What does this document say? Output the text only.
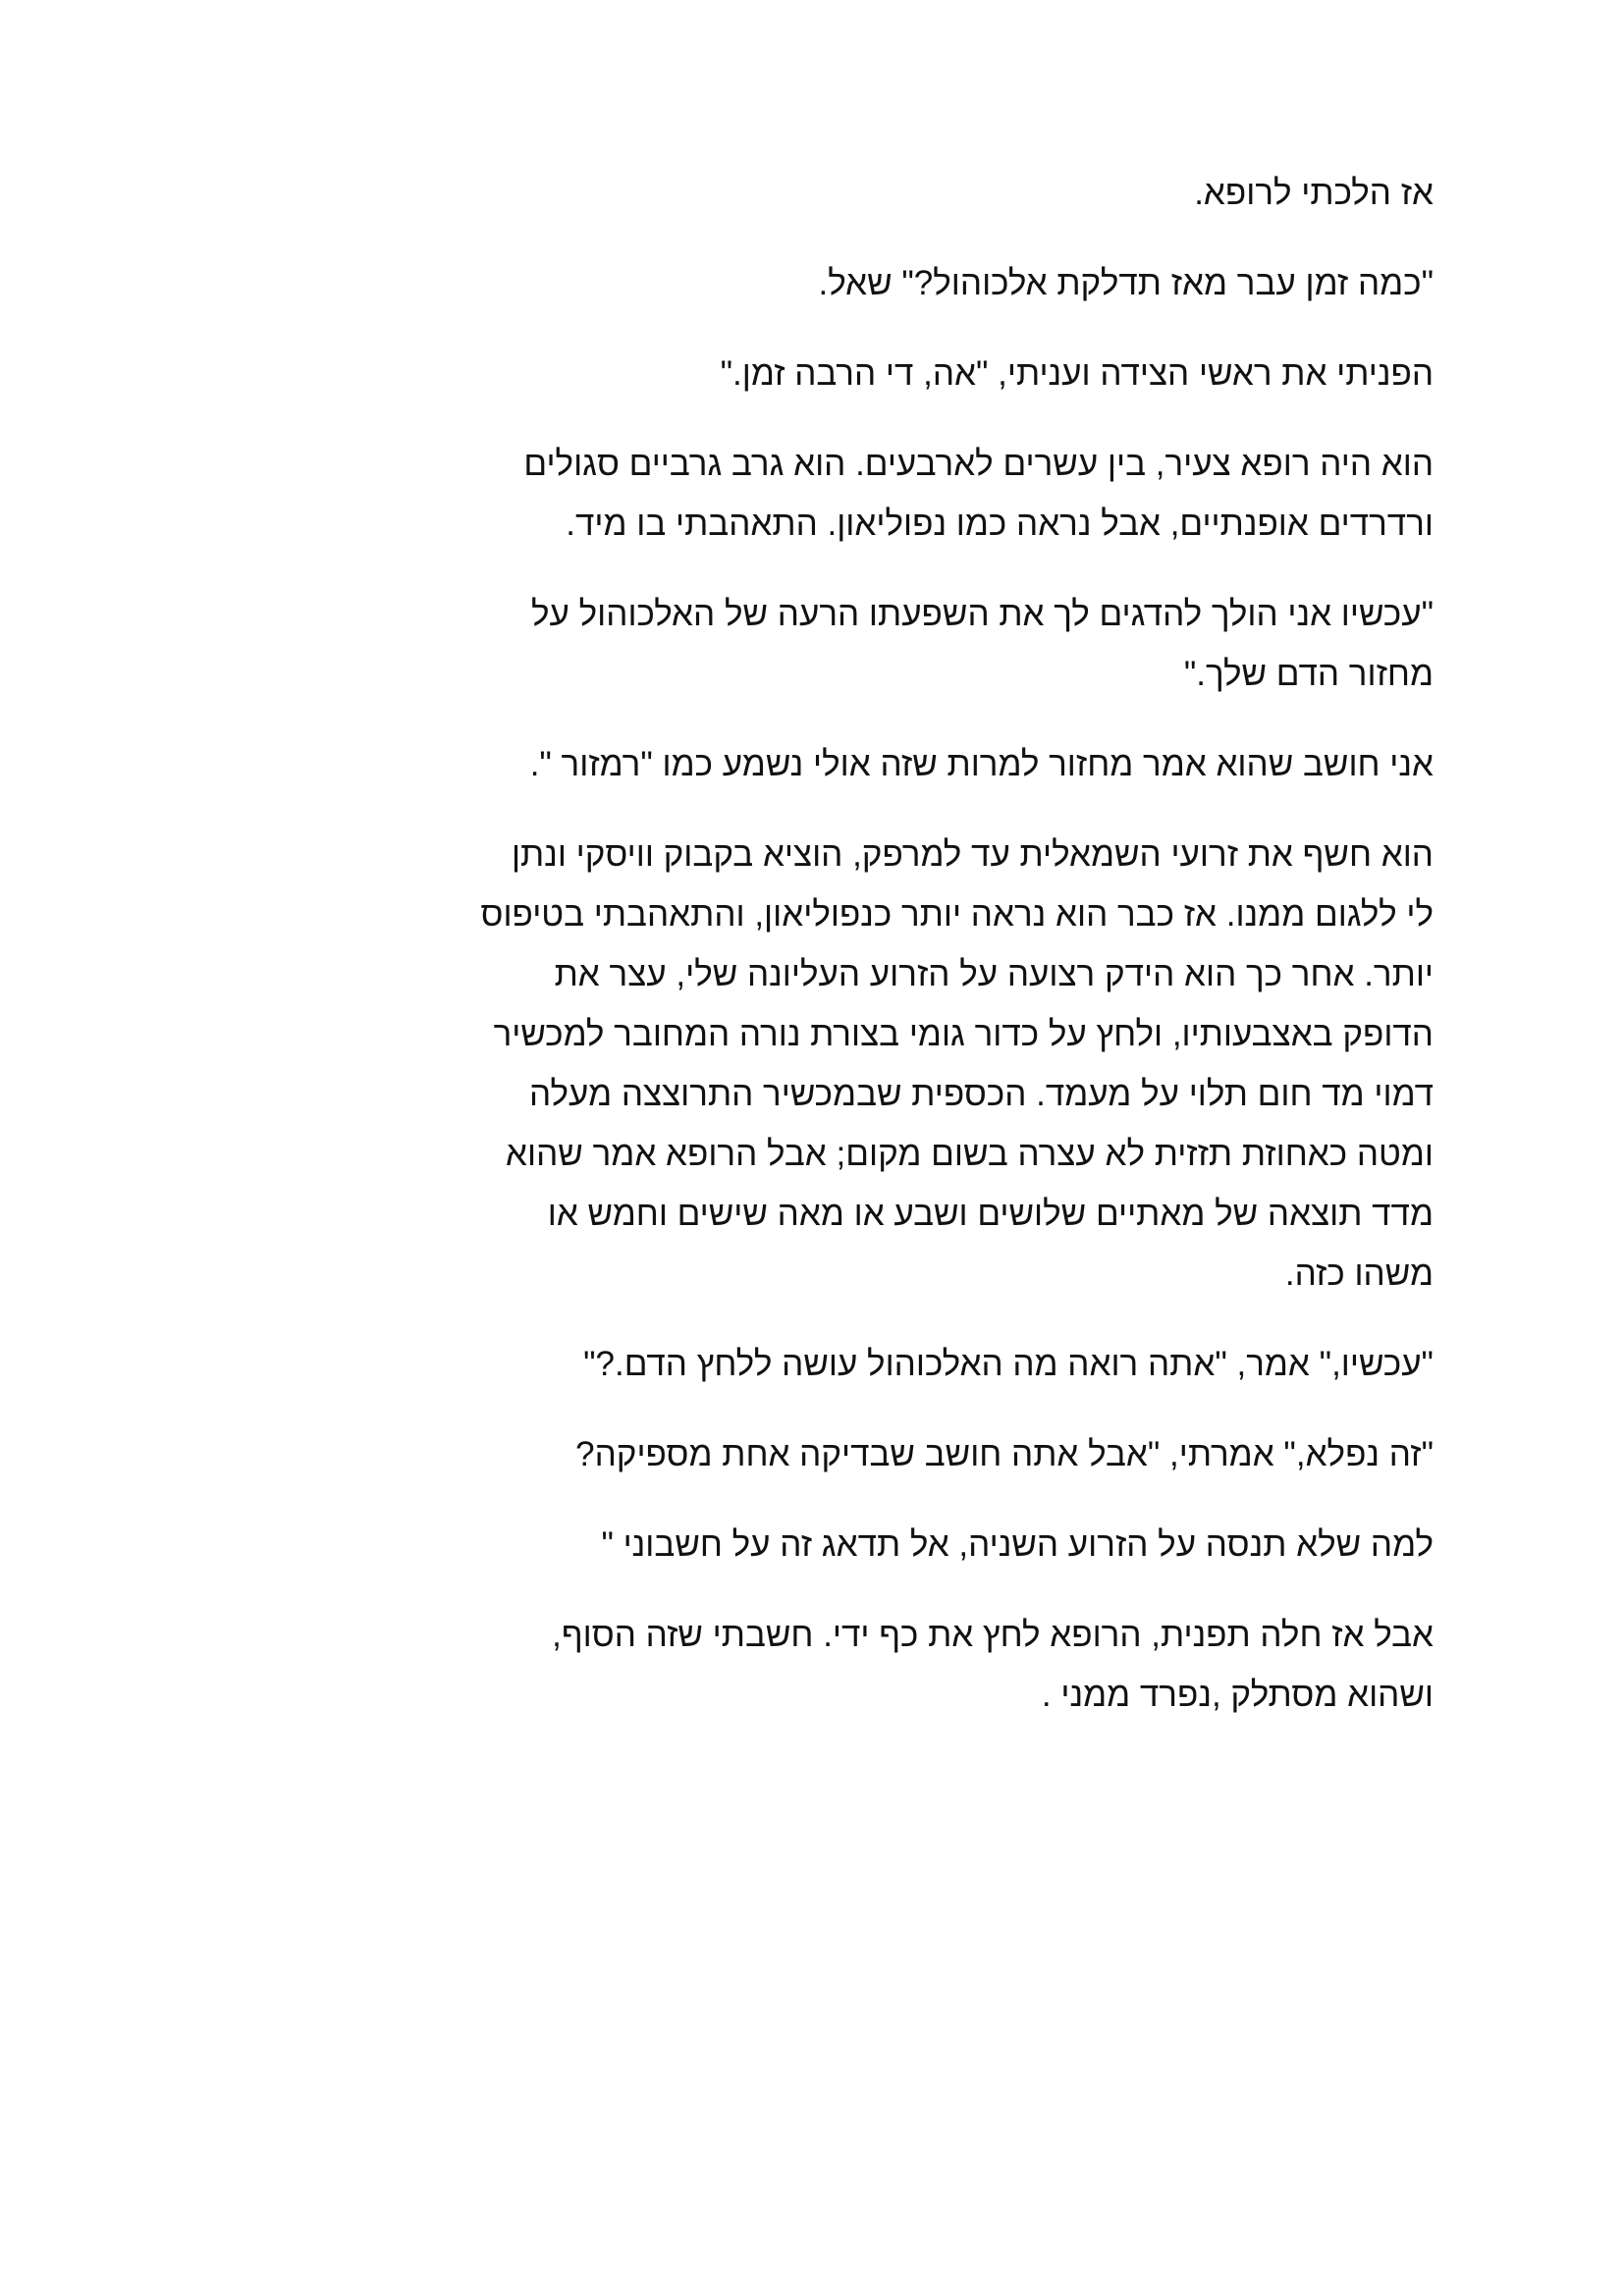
אז הלכתי לרופא.

"כמה זמן עבר מאז תדלקת אלכוהול?" שאל.

הפניתי את ראשי הצידה ועניתי, "אה, די הרבה זמן."

הוא היה רופא צעיר, בין עשרים לארבעים. הוא גרב גרביים סגולים
ורדרדים אופנתיים, אבל נראה כמו נפוליאון. התאהבתי בו מיד.

"עכשיו אני הולך להדגים לך את השפעתו הרעה של האלכוהול על
מחזור הדם שלך."

אני חושב שהוא אמר מחזור למרות שזה אולי נשמע כמו "רמזור ".

הוא חשף את זרועי השמאלית עד למרפק, הוציא בקבוק וויסקי ונתן
לי ללגום ממנו. אז כבר הוא נראה יותר כנפוליאון, והתאהבתי בטיפוס
יותר. אחר כך הוא הידק רצועה על הזרוע העליונה שלי, עצר את
הדופק באצבעותיו, ולחץ על כדור גומי בצורת נורה המחובר למכשיר
דמוי מד חום תלוי על מעמד. הכספית שבמכשיר התרוצצה מעלה
ומטה כאחוזת תזזית לא עצרה בשום מקום; אבל הרופא אמר שהוא
מדד תוצאה של מאתיים שלושים ושבע או מאה שישים וחמש או
משהו כזה.

"עכשיו," אמר, "אתה רואה מה האלכוהול עושה ללחץ הדם.?"

"זה נפלא," אמרתי, "אבל אתה חושב שבדיקה אחת מספיקה?

למה שלא תנסה על הזרוע השניה, אל תדאג זה על חשבוני "

אבל אז חלה תפנית, הרופא לחץ את כף ידי. חשבתי שזה הסוף,
ושהוא מסתלק ,נפרד ממני .
